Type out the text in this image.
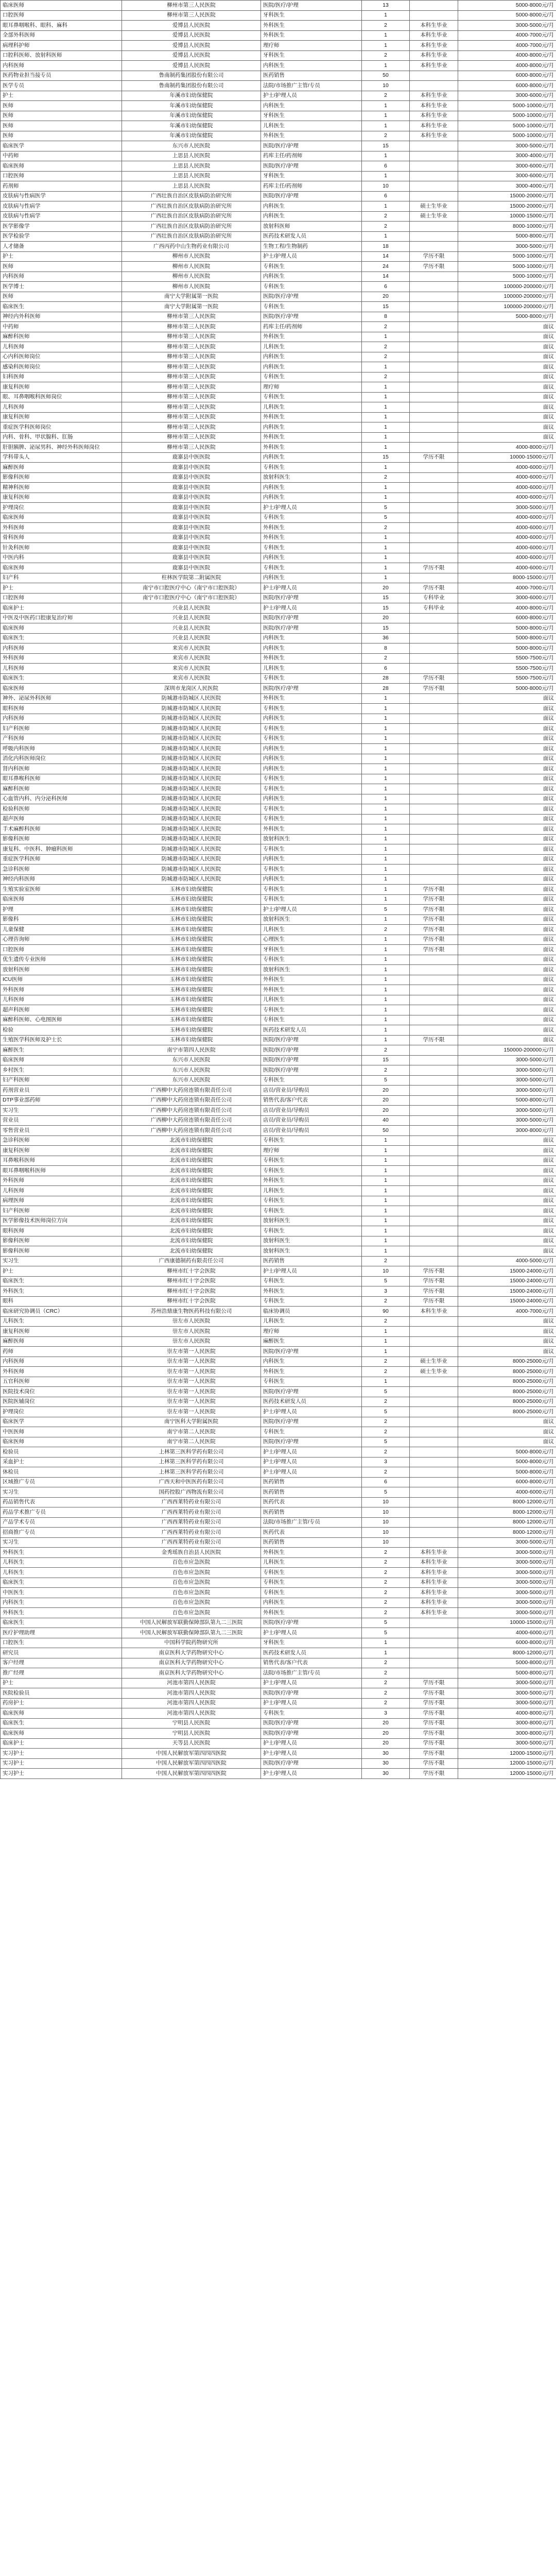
临床医师	柳州市第三人民医院	医院/医疗/护理	13		5000-8000元/月
口腔医师	柳州市第三人民医院	牙科医生	1		5000-8000元/月
眼耳鼻咽喉科、眼科、麻科	爱博县人民医院	外科医生	2	本科生毕业	3000-5000元/月
全部外科医师	爱博县人民医院	外科医生	1	本科生毕业	4000-7000元/月
病理科护师	爱博县人民医院	理疗师	1	本科生毕业	4000-7000元/月
口腔科医师、放射科医师	爱博县人民医院	牙科医生	2	本科生毕业	4000-8000元/月
内科医师	爱博县人民医院	内科医生	1	本科生毕业	4000-8000元/月
医药物业担当接专员	鲁南制药集团股份有限公司	医药销售	50		6000-8000元/月
医学专员	鲁南制药集团股份有限公司	法院/市场推广主管/专员	10		6000-8000元/月
护士	年溪市妇幼保健院	护士/护理人员	2	本科生毕业	3000-6000元/月
医师	年溪市妇幼保健院	内科医生	1	本科生毕业	5000-10000元/月
医师	年溪市妇幼保健院	牙科医生	1	本科生毕业	5000-10000元/月
医师	年溪市妇幼保健院	儿科医生	1	本科生毕业	5000-10000元/月
医师	年溪市妇幼保健院	外科医生	2	本科生毕业	5000-10000元/月
临床医学	东兴市人民医院	医院/医疗/护理	15		3000-5000元/月
中药师	上思县人民医院	药库主任/药剂师	1		3000-4000元/月
临床医师	上思县人民医院	医院/医疗/护理	6		3000-6000元/月
口腔医师	上思县人民医院	牙科医生	1		3000-6000元/月
药剂师	上思县人民医院	药库主任/药剂师	10		3000-4000元/月
皮肤病与性病医学	广西壮族自治区皮肤病防治研究所	医院/医疗/护理	6		15000-20000元/月
皮肤病与性病学	广西壮族自治区皮肤病防治研究所	内科医生	1	硕士生毕业	15000-20000元/月
皮肤病与性病学	广西壮族自治区皮肤病防治研究所	内科医生	2	硕士生毕业	10000-15000元/月
医学影像学	广西壮族自治区皮肤病防治研究所	放射科医师	2		8000-10000元/月
医学检验学	广西壮族自治区皮肤病防治研究所	医药技术研发人员	1		5000-8000元/月
人才储备	广西丙药中山生物药业有限公司	生物工程/生物制药	18		3000-5000元/月
护士	柳州市人民医院	护士/护理人员	14	学历不限	5000-10000元/月
医师	柳州市人民医院	专科医生	24	学历不限	5000-10000元/月
内科医师	柳州市人民医院	内科医生	14		5000-10000元/月
医学博士	柳州市人民医院	专科医生	6		100000-200000元/月
医师	南宁大学附属第一医院	医院/医疗/护理	20		100000-200000元/月
临床医生	南宁大学附属第一医院	专科医生	15		100000-200000元/月
神经内外科医师	柳州市第三人民医院	医院/医疗/护理	8		5000-8000元/月
中药师	柳州市第三人民医院	药库主任/药剂师	2		面议
麻醉科医师	柳州市第三人民医院	外科医生	1		面议
儿科医师	柳州市第三人民医院	儿科医生	2		面议
心内科医师岗位	柳州市第三人民医院	内科医生	2		面议
感染科医师岗位	柳州市第三人民医院	内科医生	1		面议
妇科医师	柳州市第三人民医院	专科医生	2		面议
康复科医师	柳州市第三人民医院	理疗师	1		面议
眼、耳鼻咽喉科医师岗位	柳州市第三人民医院	专科医生	1		面议
儿科医师	柳州市第三人民医院	儿科医生	1		面议
康复科医师	柳州市第三人民医院	外科医生	1		面议
重症医学科医师岗位	柳州市第三人民医院	内科医生	1		面议
内科、骨科、甲状腺科、肛肠	柳州市第三人民医院	外科医生	1		面议
肝胆胰脾、泌尿男科、神经外科医师岗位	柳州市第三人民医院	外科医生	1		4000-8000元/月
学科带头人	鹿寨县中医医院	内科医生	15	学历不限	10000-15000元/月
麻醉医师	鹿寨县中医医院	专科医生	1		4000-6000元/月
影像科医师	鹿寨县中医医院	放射科医生	2		4000-6000元/月
精神科医师	鹿寨县中医医院	内科医生	1		4000-6000元/月
康复科医师	鹿寨县中医医院	内科医生	1		4000-6000元/月
护理岗位	鹿寨县中医医院	护士/护理人员	5		3000-5000元/月
临床医师	鹿寨县中医医院	专科医生	5		4000-6000元/月
外科医师	鹿寨县中医医院	外科医生	2		4000-6000元/月
骨科医师	鹿寨县中医医院	外科医生	1		4000-6000元/月
针灸科医师	鹿寨县中医医院	专科医生	1		4000-6000元/月
中医内科	鹿寨县中医医院	内科医生	1		4000-6000元/月
临床医师	鹿寨县中医医院	专科医生	1	学历不限	4000-6000元/月
妇产科	柱林医学院第二附属医院	内科医生	1		8000-15000元/月
护士	南宁市口腔医疗中心（南宁市口腔医院）	护士/护理人员	20	学历不限	4000-7000元/月
口腔医师	南宁市口腔医疗中心（南宁市口腔医院）	医院/医疗/护理	15	专科毕业	3000-6000元/月
临床护士	兴业县人民医院	护士/护理人员	15	专科毕业	4000-8000元/月
中医及中医药口腔康复治疗师	兴业县人民医院	医院/医疗/护理	20		6000-8000元/月
临床医师	兴业县人民医院	医院/医疗/护理	15		5000-8000元/月
临床医生	兴业县人民医院	内科医生	36		5000-8000元/月
内科医师	来宾市人民医院	内科医生	8		5000-8000元/月
外科医师	来宾市人民医院	外科医生	2		5500-7500元/月
儿科医师	来宾市人民医院	儿科医生	6		5500-7500元/月
临床医生	来宾市人民医院	专科医生	28	学历不限	5500-7500元/月
临床医师	深圳市龙岗区人民医院	医院/医疗/护理	28	学历不限	5000-8000元/月
神外、泌尿外科医师	防城港市防城区人民医院	外科医生	1		面议
眼科医师	防城港市防城区人民医院	专科医生	1		面议
内科医师	防城港市防城区人民医院	内科医生	1		面议
妇产科医师	防城港市防城区人民医院	专科医生	1		面议
产科医师	防城港市防城区人民医院	专科医生	1		面议
呼吸内科医师	防城港市防城区人民医院	内科医生	1		面议
消化内科医师岗位	防城港市防城区人民医院	内科医生	1		面议
肾内科医师	防城港市防城区人民医院	内科医生	1		面议
眼耳鼻喉科医师	防城港市防城区人民医院	专科医生	1		面议
麻醉科医师	防城港市防城区人民医院	专科医生	1		面议
心血管内科、内分泌科医师	防城港市防城区人民医院	内科医生	1		面议
检验科医师	防城港市防城区人民医院	专科医生	1		面议
超声医师	防城港市防城区人民医院	专科医生	1		面议
手术麻醉科医师	防城港市防城区人民医院	外科医生	1		面议
影像科医师	防城港市防城区人民医院	放射科医生	1		面议
康复科、中医科、肿瘤科医师	防城港市防城区人民医院	专科医生	1		面议
重症医学科医师	防城港市防城区人民医院	内科医生	1		面议
急诊科医师	防城港市防城区人民医院	专科医生	1		面议
神经内科医师	防城港市防城区人民医院	内科医生	1		面议
生殖实验室医师	玉林市妇幼保健院	专科医生	1	学历不限	面议
临床医师	玉林市妇幼保健院	专科医生	1	学历不限	面议
护理	玉林市妇幼保健院	护士/护理人员	5	学历不限	面议
影像科	玉林市妇幼保健院	放射科医生	1	学历不限	面议
儿童保健	玉林市妇幼保健院	儿科医生	2	学历不限	面议
心理咨询师	玉林市妇幼保健院	心理医生	1	学历不限	面议
口腔医师	玉林市妇幼保健院	牙科医生	1	学历不限	面议
优生遗传专业医师	玉林市妇幼保健院	专科医生	1		面议
放射科医师	玉林市妇幼保健院	放射科医生	1		面议
ICU医师	玉林市妇幼保健院	外科医生	1		面议
外科医师	玉林市妇幼保健院	外科医生	1		面议
儿科医师	玉林市妇幼保健院	儿科医生	1		面议
超声科医师	玉林市妇幼保健院	专科医生	1		面议
麻醉科医师、心电图医师	玉林市妇幼保健院	专科医生	1		面议
检验	玉林市妇幼保健院	医药技术研发人员	1		面议
生殖医学科医师及护士长	玉林市妇幼保健院	医院/医疗/护理	1	学历不限	面议
麻醉医生	南宁市第四人民医院	医院/医疗/护理	2		150000-200000元/月
临床医师	东兴市人民医院	医院/医疗/护理	15		3000-5000元/月
乡村医生	东兴市人民医院	医院/医疗/护理	2		3000-5000元/月
妇产科医师	东兴市人民医院	专科医生	5		3000-5000元/月
药剂营业员	广西柳中大药房连锁有限责任公司	店员/营业员/导购员	20		3000-5000元/月
DTP事业部药师	广西柳中大药房连锁有限责任公司	销售代表/客户代表	20		5000-8000元/月
实习生	广西柳中大药房连锁有限责任公司	店员/营业员/导购员	20		3000-5000元/月
营业员	广西柳中大药房连锁有限责任公司	店员/营业员/导购员	40		3000-5000元/月
零售营业员	广西柳中大药房连锁有限责任公司	店员/营业员/导购员	50		3000-8000元/月
急诊科医师	北流市妇幼保健院	专科医生	1		面议
康复科医师	北流市妇幼保健院	理疗师	1		面议
耳鼻喉科医师	北流市妇幼保健院	专科医生	1		面议
眼耳鼻咽喉科医师	北流市妇幼保健院	专科医生	1		面议
外科医师	北流市妇幼保健院	外科医生	1		面议
儿科医师	北流市妇幼保健院	儿科医生	1		面议
病理医师	北流市妇幼保健院	专科医生	1		面议
妇产科医师	北流市妇幼保健院	专科医生	1		面议
医学影像技术医师岗位方向	北流市妇幼保健院	放射科医生	1		面议
眼科医师	北流市妇幼保健院	专科医生	1		面议
影像科医师	北流市妇幼保健院	放射科医生	1		面议
影像科医师	北流市妇幼保健院	放射科医生	1		面议
实习生	广西康德制药有限责任公司	医药销售	2		4000-5000元/月
护士	柳州市红十字会医院	护士/护理人员	10	学历不限	15000-24000元/月
临床医生	柳州市红十字会医院	专科医生	5	学历不限	15000-24000元/月
外科医生	柳州市红十字会医院	外科医生	3	学历不限	15000-24000元/月
眼科	柳州市红十字会医院	专科医生	2	学历不限	15000-24000元/月
临床研究协调员（CRC）	苏州浩鼎康生物医药科技有限公司	临床协调员	90	本科生毕业	4000-7000元/月
儿科医生	崇左市人民医院	儿科医生	2		面议
康复科医师	崇左市人民医院	理疗师	1		面议
麻醉医师	崇左市人民医院	麻醉医生	1		面议
药师	崇左市第一人民医院	医院/医疗/护理	1		面议
内科医师	崇左市第一人民医院	内科医生	2	硕士生毕业	8000-25000元/月
外科医师	崇左市第一人民医院	外科医生	2	硕士生毕业	8000-25000元/月
五官科医师	崇左市第一人民医院	专科医生	1		8000-25000元/月
医院技术岗位	崇左市第一人民医院	医院/医疗/护理	5		8000-25000元/月
医院医辅岗位	崇左市第一人民医院	医药技术研发人员	2		8000-25000元/月
护理岗位	崇左市第一人民医院	护士/护理人员	5		8000-25000元/月
临床医学	南宁医科大学附属医院	医院/医疗/护理	2		面议
中医医师	南宁市第二人民医院	专科医生	2		面议
临床医师	南宁市第二人民医院	医院/医疗/护理	5		面议
检验员	上林第三医科学药有限公司	护士/护理人员	2		5000-8000元/月
采血护士	上林第三医科学药有限公司	护士/护理人员	3		5000-8000元/月
休检员	上林第三医科学药有限公司	护士/护理人员	2		5000-8000元/月
区域推广专员	广西天和中医医药有限公司	医药销售	6		6000-8000元/月
实习生	国药控股广西物流有限公司	医药销售	5		4000-6000元/月
药品销售代表	广西西莱特药业有限公司	医药代表	10		8000-12000元/月
药品学术推广专员	广西西莱特药业有限公司	医药销售	10		8000-12000元/月
产品学术专员	广西西莱特药业有限公司	法院/市场推广主管/专员	10		8000-12000元/月
招商推广专员	广西西莱特药业有限公司	医药代表	10		8000-12000元/月
实习生	广西西莱特药业有限公司	医药销售	10		3000-5000元/月
外科医生	金秀瑶族自治县人民医院	外科医生	2	本科生毕业	3000-5000元/月
儿科医生	百色市应急医院	儿科医生	2	本科生毕业	3000-5000元/月
儿科医生	百色市应急医院	专科医生	2	本科生毕业	3000-5000元/月
临床医生	百色市应急医院	专科医生	2	本科生毕业	3000-5000元/月
中医医生	百色市应急医院	专科医生	2	本科生毕业	3000-5000元/月
内科医生	百色市应急医院	内科医生	2	本科生毕业	3000-5000元/月
外科医生	百色市应急医院	外科医生	2	本科生毕业	3000-5000元/月
临床医生	中国人民解放军联勤保障部队第九二三医院	医院/医疗/护理	5		10000-15000元/月
医疗护理助理	中国人民解放军联勤保障部队第九二三医院	护士/护理人员	5		4000-6000元/月
口腔医生	中国科学院药物研究所	牙科医生	1		6000-8000元/月
研究员	南京医科大学药物研究中心	医药技术研发人员	1		8000-12000元/月
客户经理	南京医科大学药物研究中心	销售代表/客户代表	2		5000-8000元/月
推广经理	南京医科大学药物研究中心	法院/市场推广主管/专员	2		5000-8000元/月
护士	河池市第四人民医院	护士/护理人员	2	学历不限	3000-5000元/月
医院检验员	河池市第四人民医院	医院/医疗/护理	2	学历不限	3000-5000元/月
药房护士	河池市第四人民医院	护士/护理人员	2	学历不限	3000-5000元/月
临床医师	河池市第四人民医院	专科医生	3	学历不限	4000-8000元/月
临床医生	宁明县人民医院	医院/医疗/护理	20	学历不限	3000-8000元/月
临床医师	宁明县人民医院	医院/医疗/护理	20	学历不限	3000-8000元/月
临床护士	天等县人民医院	护士/护理人员	20	学历不限	3000-5000元/月
实习护士	中国人民解放军第四四四医院	护士/护理人员	30	学历不限	12000-15000元/月
实习护士	中国人民解放军第四四四医院	医院/医疗/护理	30	学历不限	12000-15000元/月
实习护士	中国人民解放军第四四四医院	护士/护理人员	30	学历不限	12000-15000元/月
